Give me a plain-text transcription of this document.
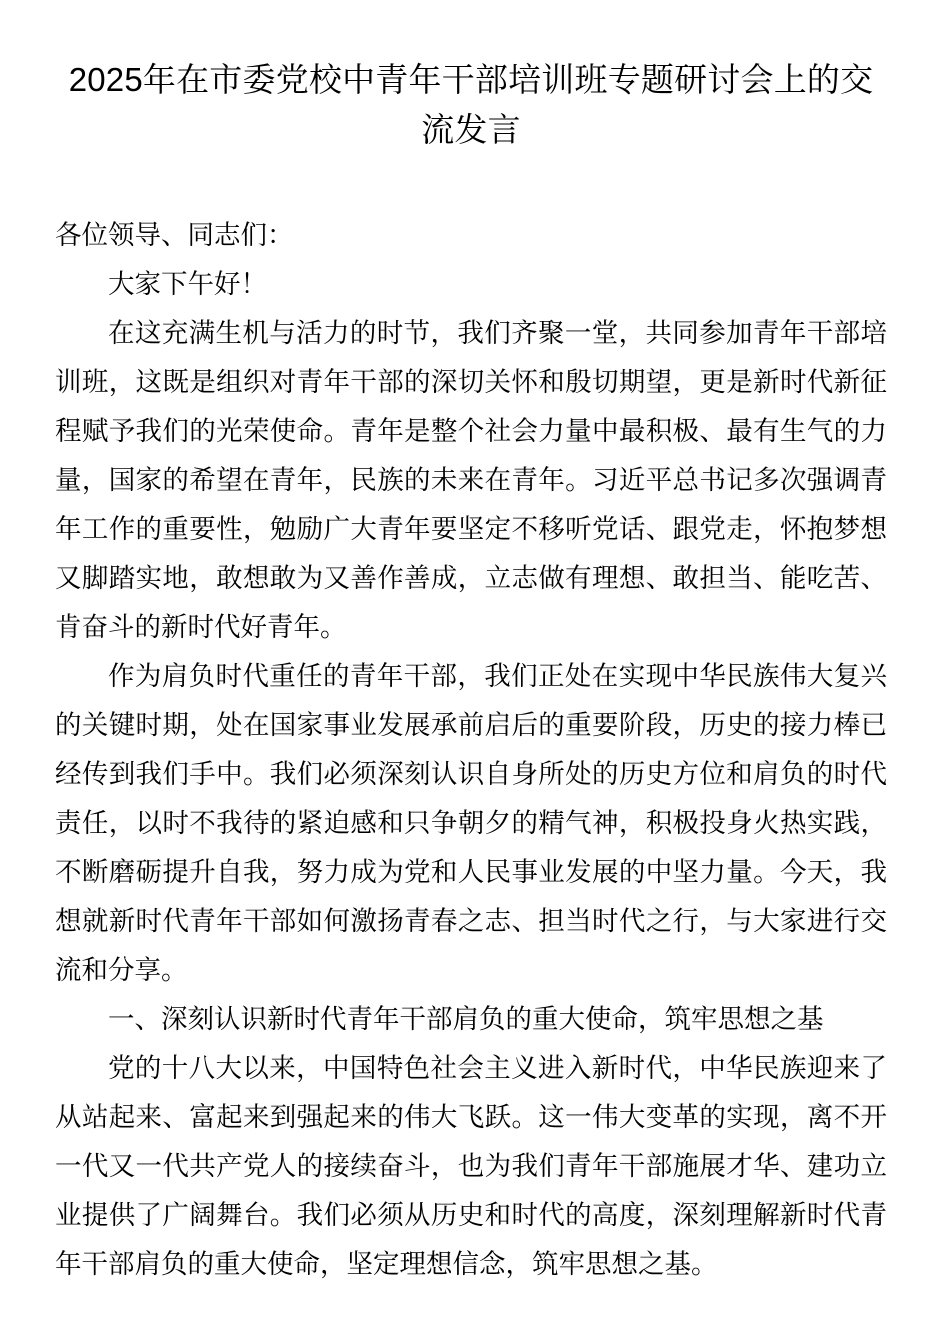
2025年在市委党校中青年干部培训班专题研讨会上的交流发言

各位领导、同志们：

大家下午好！

在这充满生机与活力的时节，我们齐聚一堂，共同参加青年干部培训班，这既是组织对青年干部的深切关怀和殷切期望，更是新时代新征程赋予我们的光荣使命。青年是整个社会力量中最积极、最有生气的力量，国家的希望在青年，民族的未来在青年。习近平总书记多次强调青年工作的重要性，勉励广大青年要坚定不移听党话、跟党走，怀抱梦想又脚踏实地，敢想敢为又善作善成，立志做有理想、敢担当、能吃苦、肯奋斗的新时代好青年。

作为肩负时代重任的青年干部，我们正处在实现中华民族伟大复兴的关键时期，处在国家事业发展承前启后的重要阶段，历史的接力棒已经传到我们手中。我们必须深刻认识自身所处的历史方位和肩负的时代责任，以时不我待的紧迫感和只争朝夕的精气神，积极投身火热实践，不断磨砺提升自我，努力成为党和人民事业发展的中坚力量。今天，我想就新时代青年干部如何激扬青春之志、担当时代之行，与大家进行交流和分享。

一、深刻认识新时代青年干部肩负的重大使命，筑牢思想之基

党的十八大以来，中国特色社会主义进入新时代，中华民族迎来了从站起来、富起来到强起来的伟大飞跃。这一伟大变革的实现，离不开一代又一代共产党人的接续奋斗，也为我们青年干部施展才华、建功立业提供了广阔舞台。我们必须从历史和时代的高度，深刻理解新时代青年干部肩负的重大使命，坚定理想信念，筑牢思想之基。
